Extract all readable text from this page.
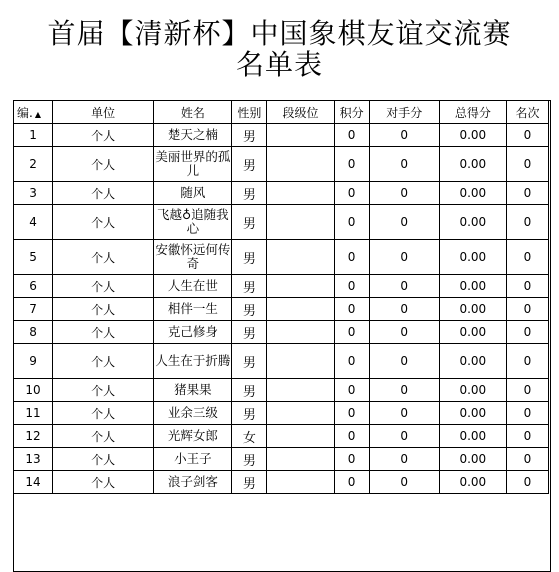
首届【清新杯】中国象棋友谊交流赛
名单表
编. ▲	单位	姓名	性别	段级位	积分	对手分	总得分	名次
1	个人	楚天之楠	男		0	0	0.00	0
2	个人	美丽世界的孤儿	男		0	0	0.00	0
3	个人	随风	男		0	0	0.00	0
4	个人	飞越♁追随我心	男		0	0	0.00	0
5	个人	安徽怀远何传奇	男		0	0	0.00	0
6	个人	人生在世	男		0	0	0.00	0
7	个人	相伴一生	男		0	0	0.00	0
8	个人	克己修身	男		0	0	0.00	0
9	个人	人生在于折腾	男		0	0	0.00	0
10	个人	猪果果	男		0	0	0.00	0
11	个人	业余三级	男		0	0	0.00	0
12	个人	光辉女郎	女		0	0	0.00	0
13	个人	小王子	男		0	0	0.00	0
14	个人	浪子剑客	男		0	0	0.00	0
